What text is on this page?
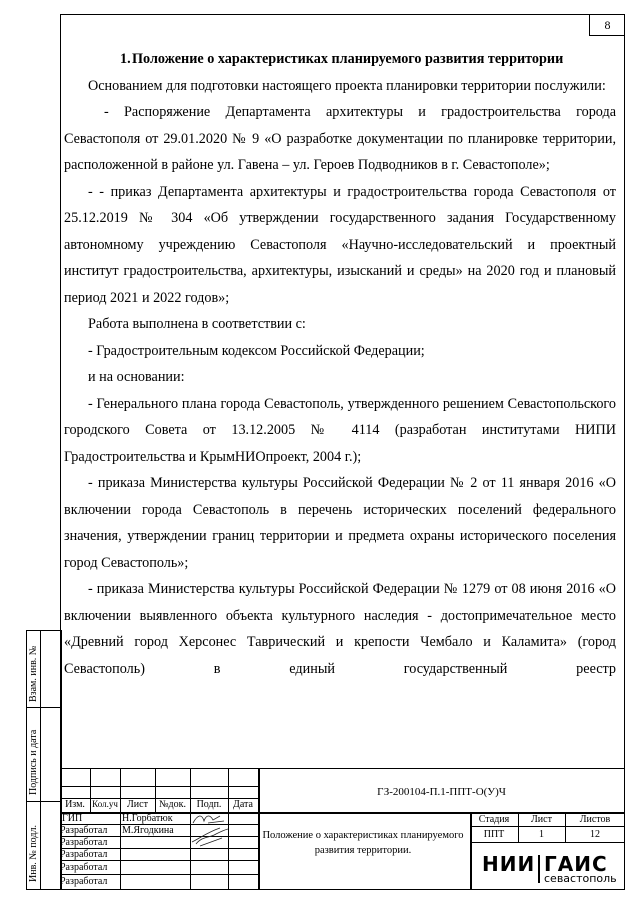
8

1.Положение о характеристиках планируемого развития территории

Основанием для подготовки настоящего проекта планировки территории послужили:

- Распоряжение Департамента архитектуры и градостроительства города Севастополя от 29.01.2020 № 9 «О разработке документации по планировке территории, расположенной в районе ул. Гавена – ул. Героев Подводников в г. Севастополе»;

- - приказ Департамента архитектуры и градостроительства города Севастополя от 25.12.2019 № 304 «Об утверждении государственного задания Государственному автономному учреждению Севастополя «Научно-исследовательский и проектный институт градостроительства, архитектуры, изысканий и среды» на 2020 год и плановый период 2021 и 2022 годов»;

Работа выполнена в соответствии с:

- Градостроительным кодексом Российской Федерации;

и на основании:

- Генерального плана города Севастополь, утвержденного решением Севастопольского городского Совета от 13.12.2005 № 4114 (разработан институтами НИПИ Градостроительства и КрымНИОпроект, 2004 г.);

- приказа Министерства культуры Российской Федерации № 2 от 11 января 2016 «О включении города Севастополь в перечень исторических поселений федерального значения, утверждении границ территории и предмета охраны исторического поселения город Севастополь»;

- приказа Министерства культуры Российской Федерации № 1279 от 08 июня 2016 «О включении выявленного объекта культурного наследия - достопримечательное место «Древний город Херсонес Таврический и крепости Чембало и Каламита» (город Севастополь) в единый государственный реестр

Взам. инв. №
Подпись и дата
Инв. № подл.
Изм. Кол.уч Лист	№док.	Подп.	Дата
ГИП	Н.Горбатюк
Разработал М.Ягодкина
Разработал
Разработал
Разработал
Разработал
ГЗ-200104-П.1-ППТ-О(У)Ч
Положение о характеристиках планируемого развития территории.
Стадия	Лист	Листов
ППТ	1	12
НИИ ГАИС
севастополь
